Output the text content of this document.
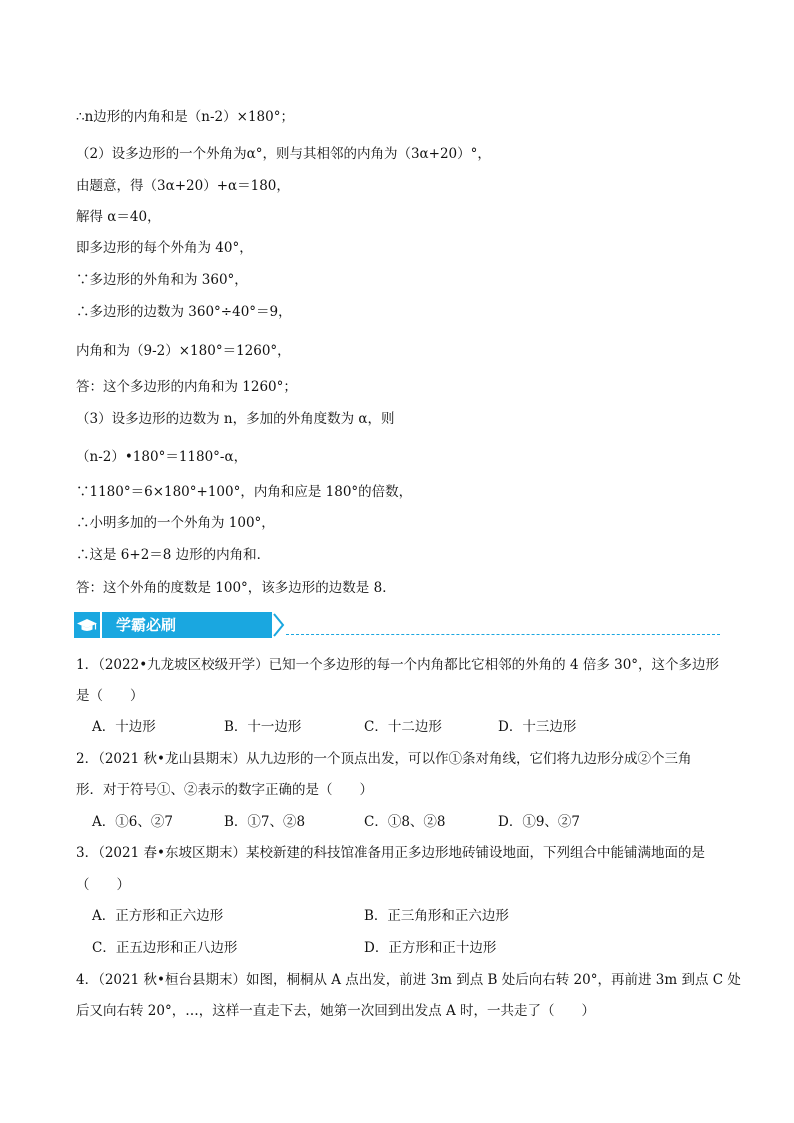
∴n边形的内角和是（n-2）×180°；
（2）设多边形的一个外角为α°，则与其相邻的内角为（3α+20）°，
由题意，得（3α+20）+α＝180，
解得 α＝40，
即多边形的每个外角为 40°，
∵多边形的外角和为 360°，
∴多边形的边数为 360°÷40°＝9，
内角和为（9-2）×180°＝1260°，
答：这个多边形的内角和为 1260°；
（3）设多边形的边数为 n，多加的外角度数为 α，则
（n-2）•180°＝1180°-α，
∵1180°＝6×180°+100°，内角和应是 180°的倍数，
∴小明多加的一个外角为 100°，
∴这是 6+2＝8 边形的内角和．
答：这个外角的度数是 100°，该多边形的边数是 8．
学霸必刷
1．（2022•九龙坡区校级开学）已知一个多边形的每一个内角都比它相邻的外角的 4 倍多 30°，这个多边形
是（　　）
A．十边形	B．十一边形	C．十二边形	D．十三边形
2．（2021 秋•龙山县期末）从九边形的一个顶点出发，可以作①条对角线，它们将九边形分成②个三角
形．对于符号①、②表示的数字正确的是（　　）
A．①6、②7	B．①7、②8	C．①8、②8	D．①9、②7
3．（2021 春•东坡区期末）某校新建的科技馆准备用正多边形地砖铺设地面，下列组合中能铺满地面的是
（　　）
A．正方形和正六边形	B．正三角形和正六边形
C．正五边形和正八边形	D．正方形和正十边形
4．（2021 秋•桓台县期末）如图，桐桐从 A 点出发，前进 3m 到点 B 处后向右转 20°，再前进 3m 到点 C 处
后又向右转 20°，…，这样一直走下去，她第一次回到出发点 A 时，一共走了（　　）
